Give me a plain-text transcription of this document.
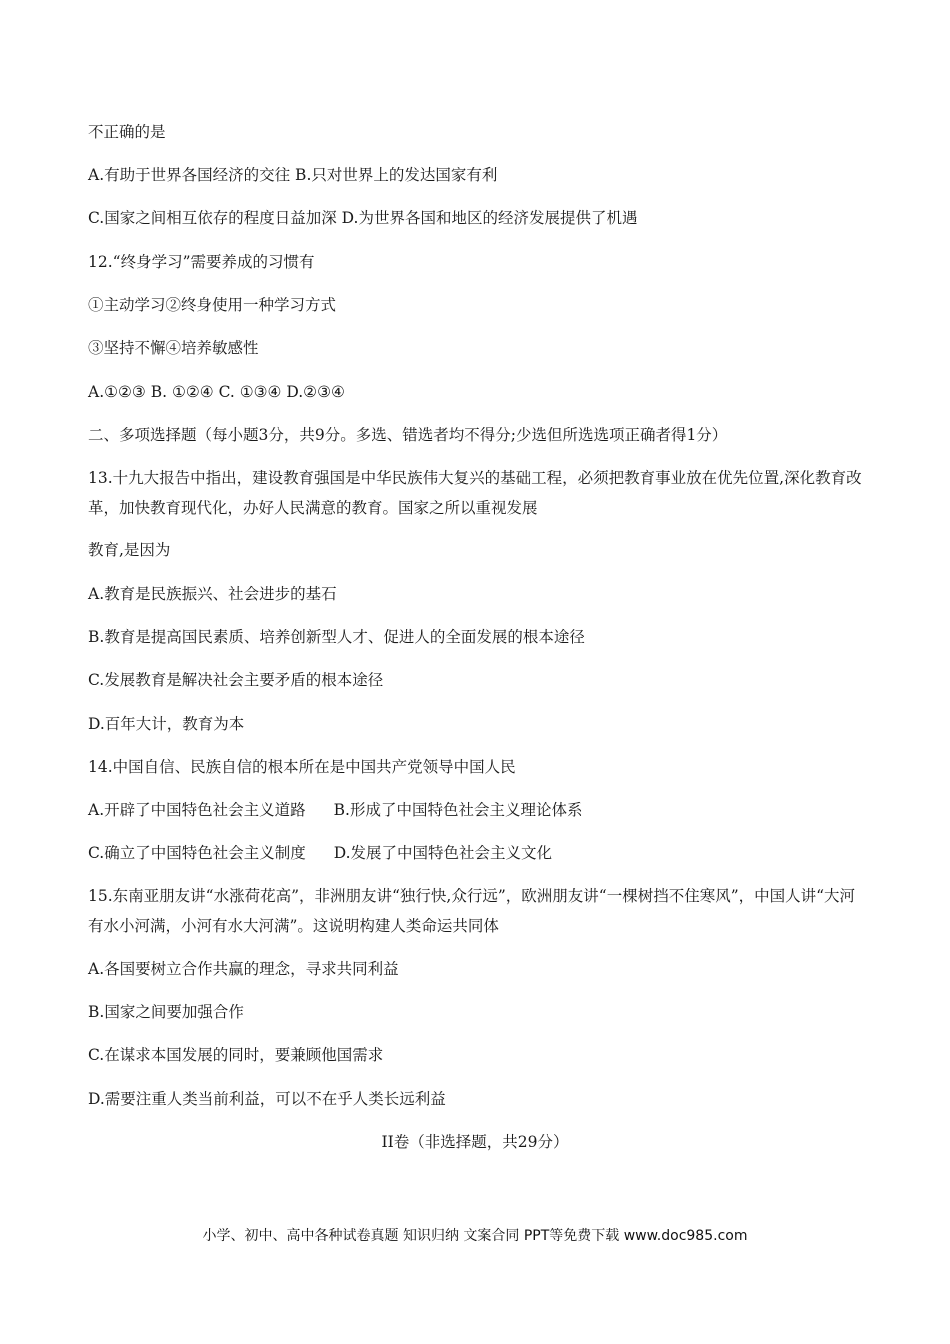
不正确的是
A.有助于世界各国经济的交往 B.只对世界上的发达国家有利
C.国家之间相互依存的程度日益加深 D.为世界各国和地区的经济发展提供了机遇
12.“终身学习”需要养成的习惯有
①主动学习②终身使用一种学习方式
③坚持不懈④培养敏感性
A.①②③ B. ①②④ C. ①③④ D.②③④
二、多项选择题（每小题3分，共9分。多选、错选者均不得分;少选但所选选项正确者得1分）
13.十九大报告中指出，建设教育强国是中华民族伟大复兴的基础工程，必须把教育事业放在优先位置,深化教育改革，加快教育现代化，办好人民满意的教育。国家之所以重视发展
教育,是因为
A.教育是民族振兴、社会进步的基石
B.教育是提高国民素质、培养创新型人才、促进人的全面发展的根本途径
C.发展教育是解决社会主要矛盾的根本途径
D.百年大计，教育为本
14.中国自信、民族自信的根本所在是中国共产党领导中国人民
A.开辟了中国特色社会主义道路 B.形成了中国特色社会主义理论体系
C.确立了中国特色社会主义制度 D.发展了中国特色社会主义文化
15.东南亚朋友讲“水涨荷花高”，非洲朋友讲“独行快,众行远”，欧洲朋友讲“一棵树挡不住寒风”，中国人讲“大河有水小河满，小河有水大河满”。这说明构建人类命运共同体
A.各国要树立合作共赢的理念，寻求共同利益
B.国家之间要加强合作
C.在谋求本国发展的同时，要兼顾他国需求
D.需要注重人类当前利益，可以不在乎人类长远利益
II卷（非选择题，共29分）
小学、初中、高中各种试卷真题 知识归纳 文案合同 PPT等免费下载 www.doc985.com
